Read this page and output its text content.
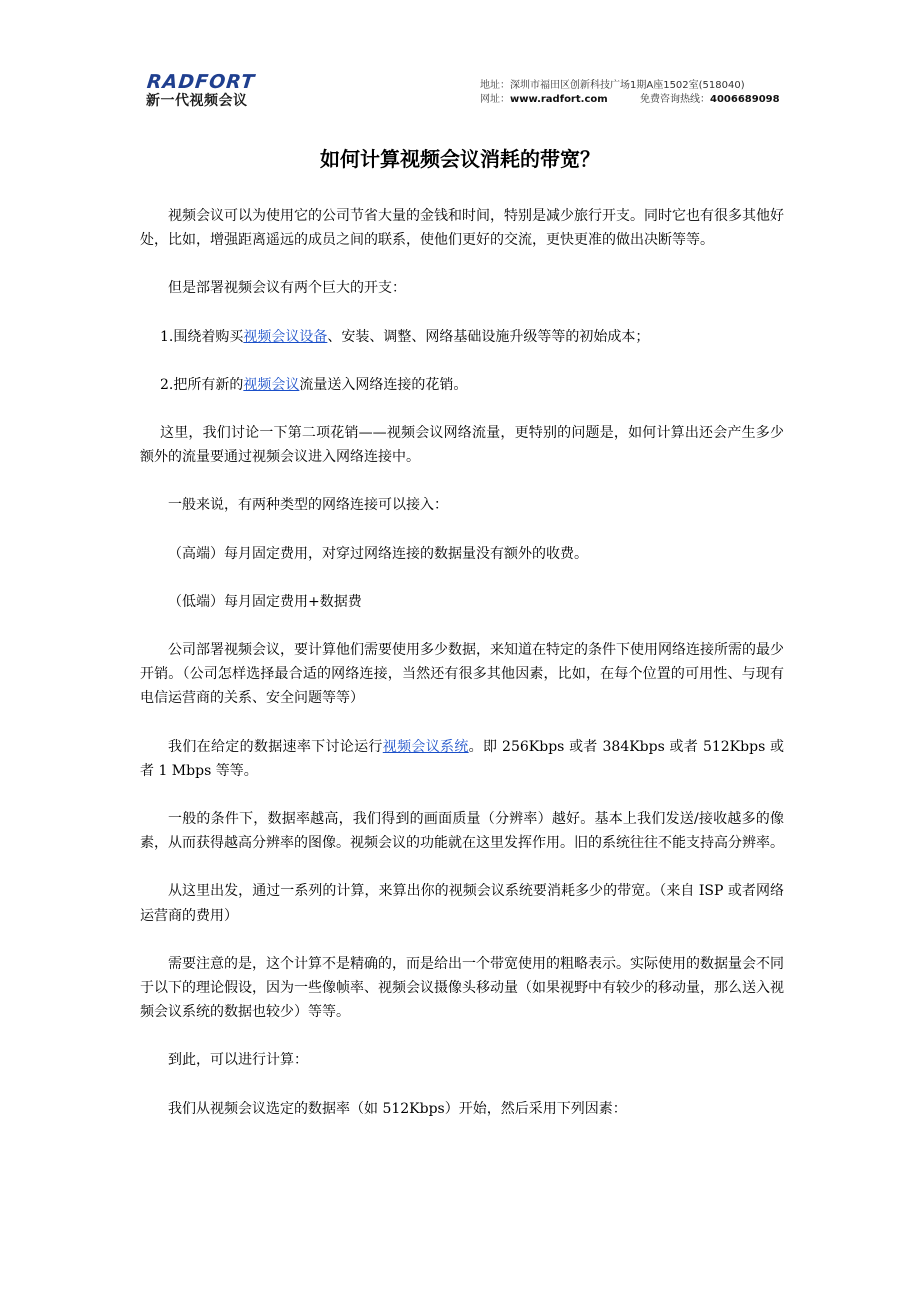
RADFORT
新一代视频会议
地址：深圳市福田区创新科技广场1期A座1502室(518040)
网址：www.radfort.com	免费咨询热线：4006689098
如何计算视频会议消耗的带宽？

视频会议可以为使用它的公司节省大量的金钱和时间，特别是减少旅行开支。同时它也有很多其他好处，比如，增强距离遥远的成员之间的联系，使他们更好的交流，更快更准的做出决断等等。

但是部署视频会议有两个巨大的开支：

1.围绕着购买视频会议设备、安装、调整、网络基础设施升级等等的初始成本；

2.把所有新的视频会议流量送入网络连接的花销。

这里，我们讨论一下第二项花销——视频会议网络流量，更特别的问题是，如何计算出还会产生多少额外的流量要通过视频会议进入网络连接中。

一般来说，有两种类型的网络连接可以接入：

（高端）每月固定费用，对穿过网络连接的数据量没有额外的收费。

（低端）每月固定费用+数据费

公司部署视频会议，要计算他们需要使用多少数据，来知道在特定的条件下使用网络连接所需的最少开销。（公司怎样选择最合适的网络连接，当然还有很多其他因素，比如，在每个位置的可用性、与现有电信运营商的关系、安全问题等等）

我们在给定的数据速率下讨论运行视频会议系统。即 256Kbps 或者 384Kbps 或者 512Kbps 或者 1 Mbps 等等。

一般的条件下，数据率越高，我们得到的画面质量（分辨率）越好。基本上我们发送/接收越多的像素，从而获得越高分辨率的图像。视频会议的功能就在这里发挥作用。旧的系统往往不能支持高分辨率。

从这里出发，通过一系列的计算，来算出你的视频会议系统要消耗多少的带宽。（来自 ISP 或者网络运营商的费用）

需要注意的是，这个计算不是精确的，而是给出一个带宽使用的粗略表示。实际使用的数据量会不同于以下的理论假设，因为一些像帧率、视频会议摄像头移动量（如果视野中有较少的移动量，那么送入视频会议系统的数据也较少）等等。

到此，可以进行计算：

我们从视频会议选定的数据率（如 512Kbps）开始，然后采用下列因素：
